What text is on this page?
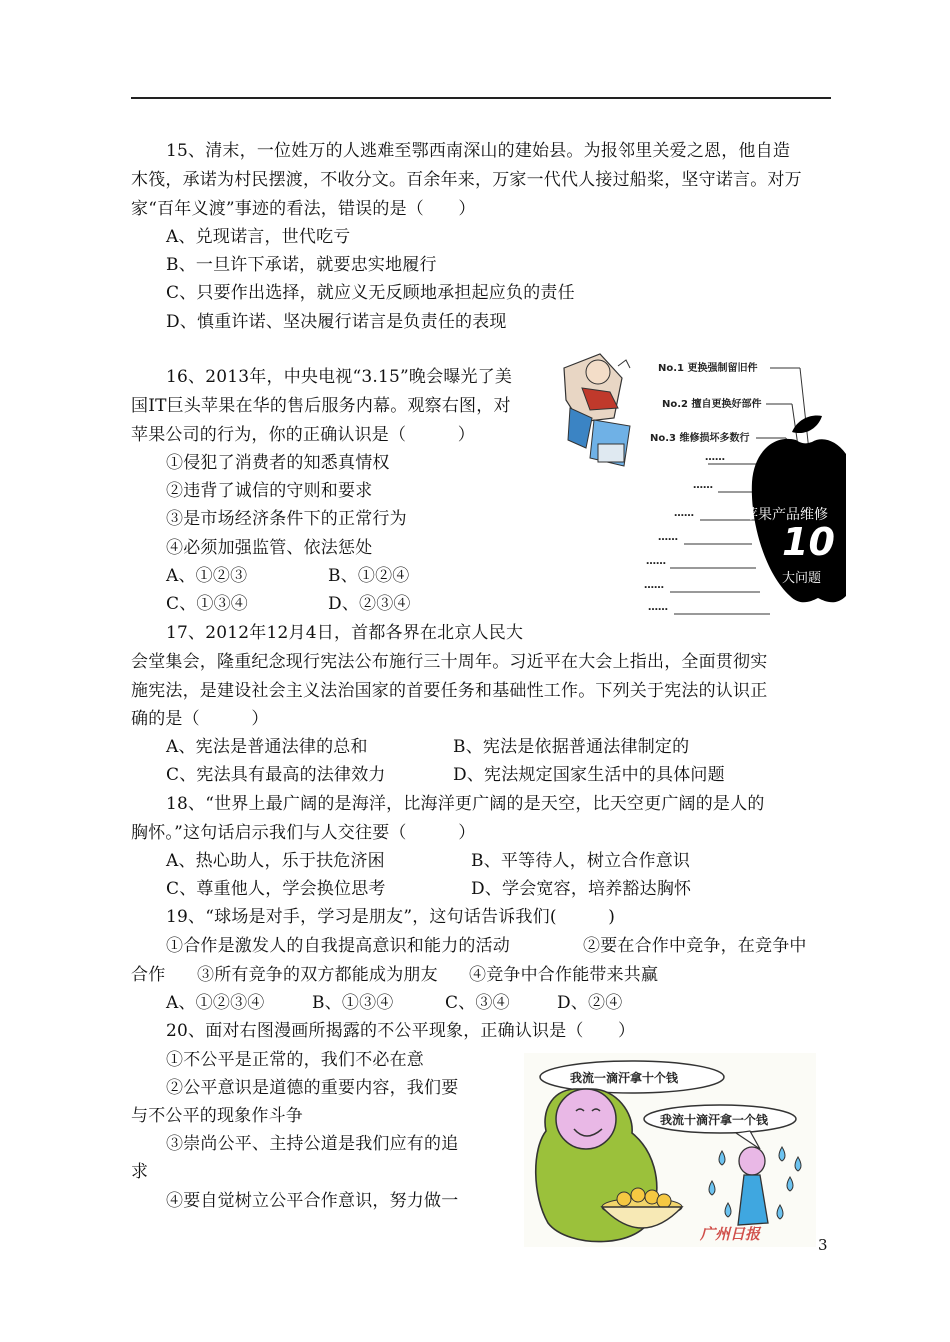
15、清末，一位姓万的人逃难至鄂西南深山的建始县。为报邻里关爱之恩，他自造
木筏，承诺为村民摆渡，不收分文。百余年来，万家一代代人接过船桨，坚守诺言。对万
家“百年义渡”事迹的看法，错误的是（　　）
A、兑现诺言，世代吃亏
B、一旦许下承诺，就要忠实地履行
C、只要作出选择，就应义无反顾地承担起应负的责任
D、慎重许诺、坚决履行诺言是负责任的表现
16、2013年，中央电视“3.15”晚会曝光了美
国IT巨头苹果在华的售后服务内幕。观察右图，对
苹果公司的行为，你的正确认识是（　　　）
①侵犯了消费者的知悉真情权
②违背了诚信的守则和要求
③是市场经济条件下的正常行为
④必须加强监管、依法惩处
A、①②③	B、①②④
C、①③④	D、②③④
17、2012年12月4日，首都各界在北京人民大
会堂集会，隆重纪念现行宪法公布施行三十周年。习近平在大会上指出，全面贯彻实
施宪法，是建设社会主义法治国家的首要任务和基础性工作。下列关于宪法的认识正
确的是（　　　）
A、宪法是普通法律的总和	B、宪法是依据普通法律制定的
C、宪法具有最高的法律效力	D、宪法规定国家生活中的具体问题
18、“世界上最广阔的是海洋，比海洋更广阔的是天空，比天空更广阔的是人的
胸怀。”这句话启示我们与人交往要（　　　）
A、热心助人，乐于扶危济困	B、平等待人，树立合作意识
C、尊重他人，学会换位思考	D、学会宽容，培养豁达胸怀
19、“球场是对手，学习是朋友”，这句话告诉我们(　　　)
①合作是激发人的自我提高意识和能力的活动	②要在合作中竞争，在竞争中
合作 ③所有竞争的双方都能成为朋友 ④竞争中合作能带来共赢
A、①②③④	B、①③④	C、③④	D、②④
20、面对右图漫画所揭露的不公平现象，正确认识是（　　）
①不公平是正常的，我们不必在意
②公平意识是道德的重要内容，我们要
与不公平的现象作斗争
③崇尚公平、主持公道是我们应有的追
求
④要自觉树立公平合作意识，努力做一
No.1 更换强制留旧件
No.2 擅自更换好部件
No.3 维修损坏多数行
……
……
……
……
……
……
……
苹果产品维修
10
大问题
我流一滴汗拿十个钱
我流十滴汗拿一个钱
广州日报
3
